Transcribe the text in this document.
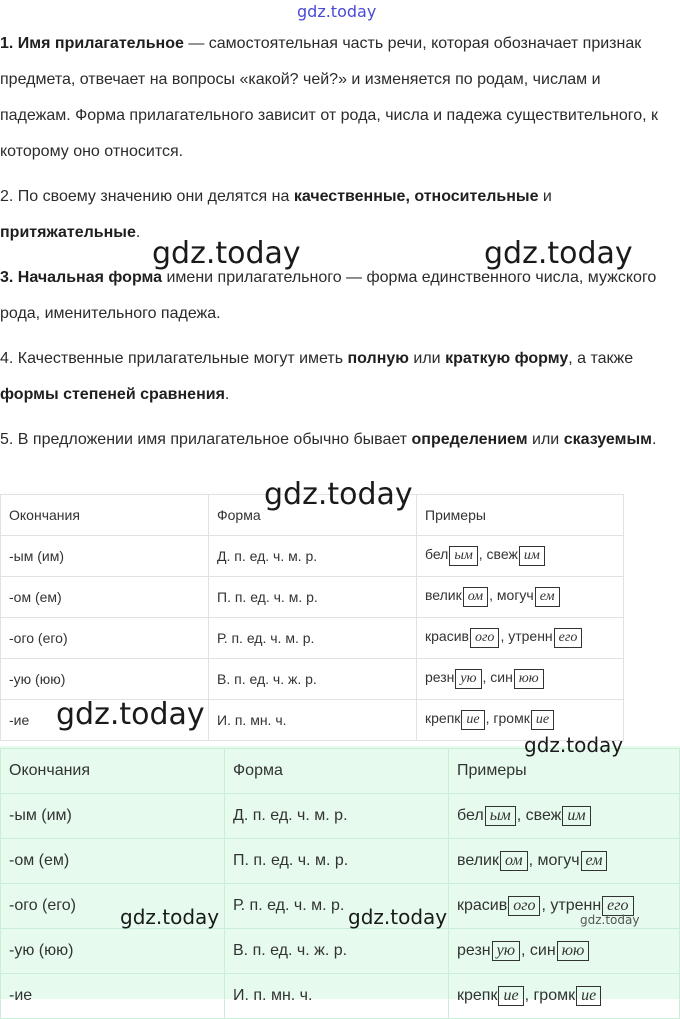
gdz.today

1. Имя прилагательное — самостоятельная часть речи, которая обозначает признак предмета, отвечает на вопросы «какой? чей?» и изменяется по родам, числам и падежам. Форма прилагательного зависит от рода, числа и падежа существительного, к которому оно относится.

2. По своему значению они делятся на качественные, относительные и притяжательные.

3. Начальная форма имени прилагательного — форма единственного числа, мужского рода, именительного падежа.

4. Качественные прилагательные могут иметь полную или краткую форму, а также формы степеней сравнения.

5. В предложении имя прилагательное обычно бывает определением или сказуемым.

Окончания	Форма	Примеры
-ым (им)	Д. п. ед. ч. м. р.	бел ым , свеж им
-ом (ем)	П. п. ед. ч. м. р.	велик ом , могуч ем
-ого (его)	Р. п. ед. ч. м. р.	красив ого , утренн его
-ую (юю)	В. п. ед. ч. ж. р.	резн ую , син юю
-ие	И. п. мн. ч.	крепк ие , громк ие
Окончания	Форма	Примеры
-ым (им)	Д. п. ед. ч. м. р.	бел ым , свеж им
-ом (ем)	П. п. ед. ч. м. р.	велик ом , могуч ем
-ого (его)	Р. п. ед. ч. м. р.	красив ого , утренн его
-ую (юю)	В. п. ед. ч. ж. р.	резн ую , син юю
-ие	И. п. мн. ч.	крепк ие , громк ие
gdz.today	gdz.today
gdz.today
gdz.today
gdz.today
gdz.today	gdz.today	gdz.today
